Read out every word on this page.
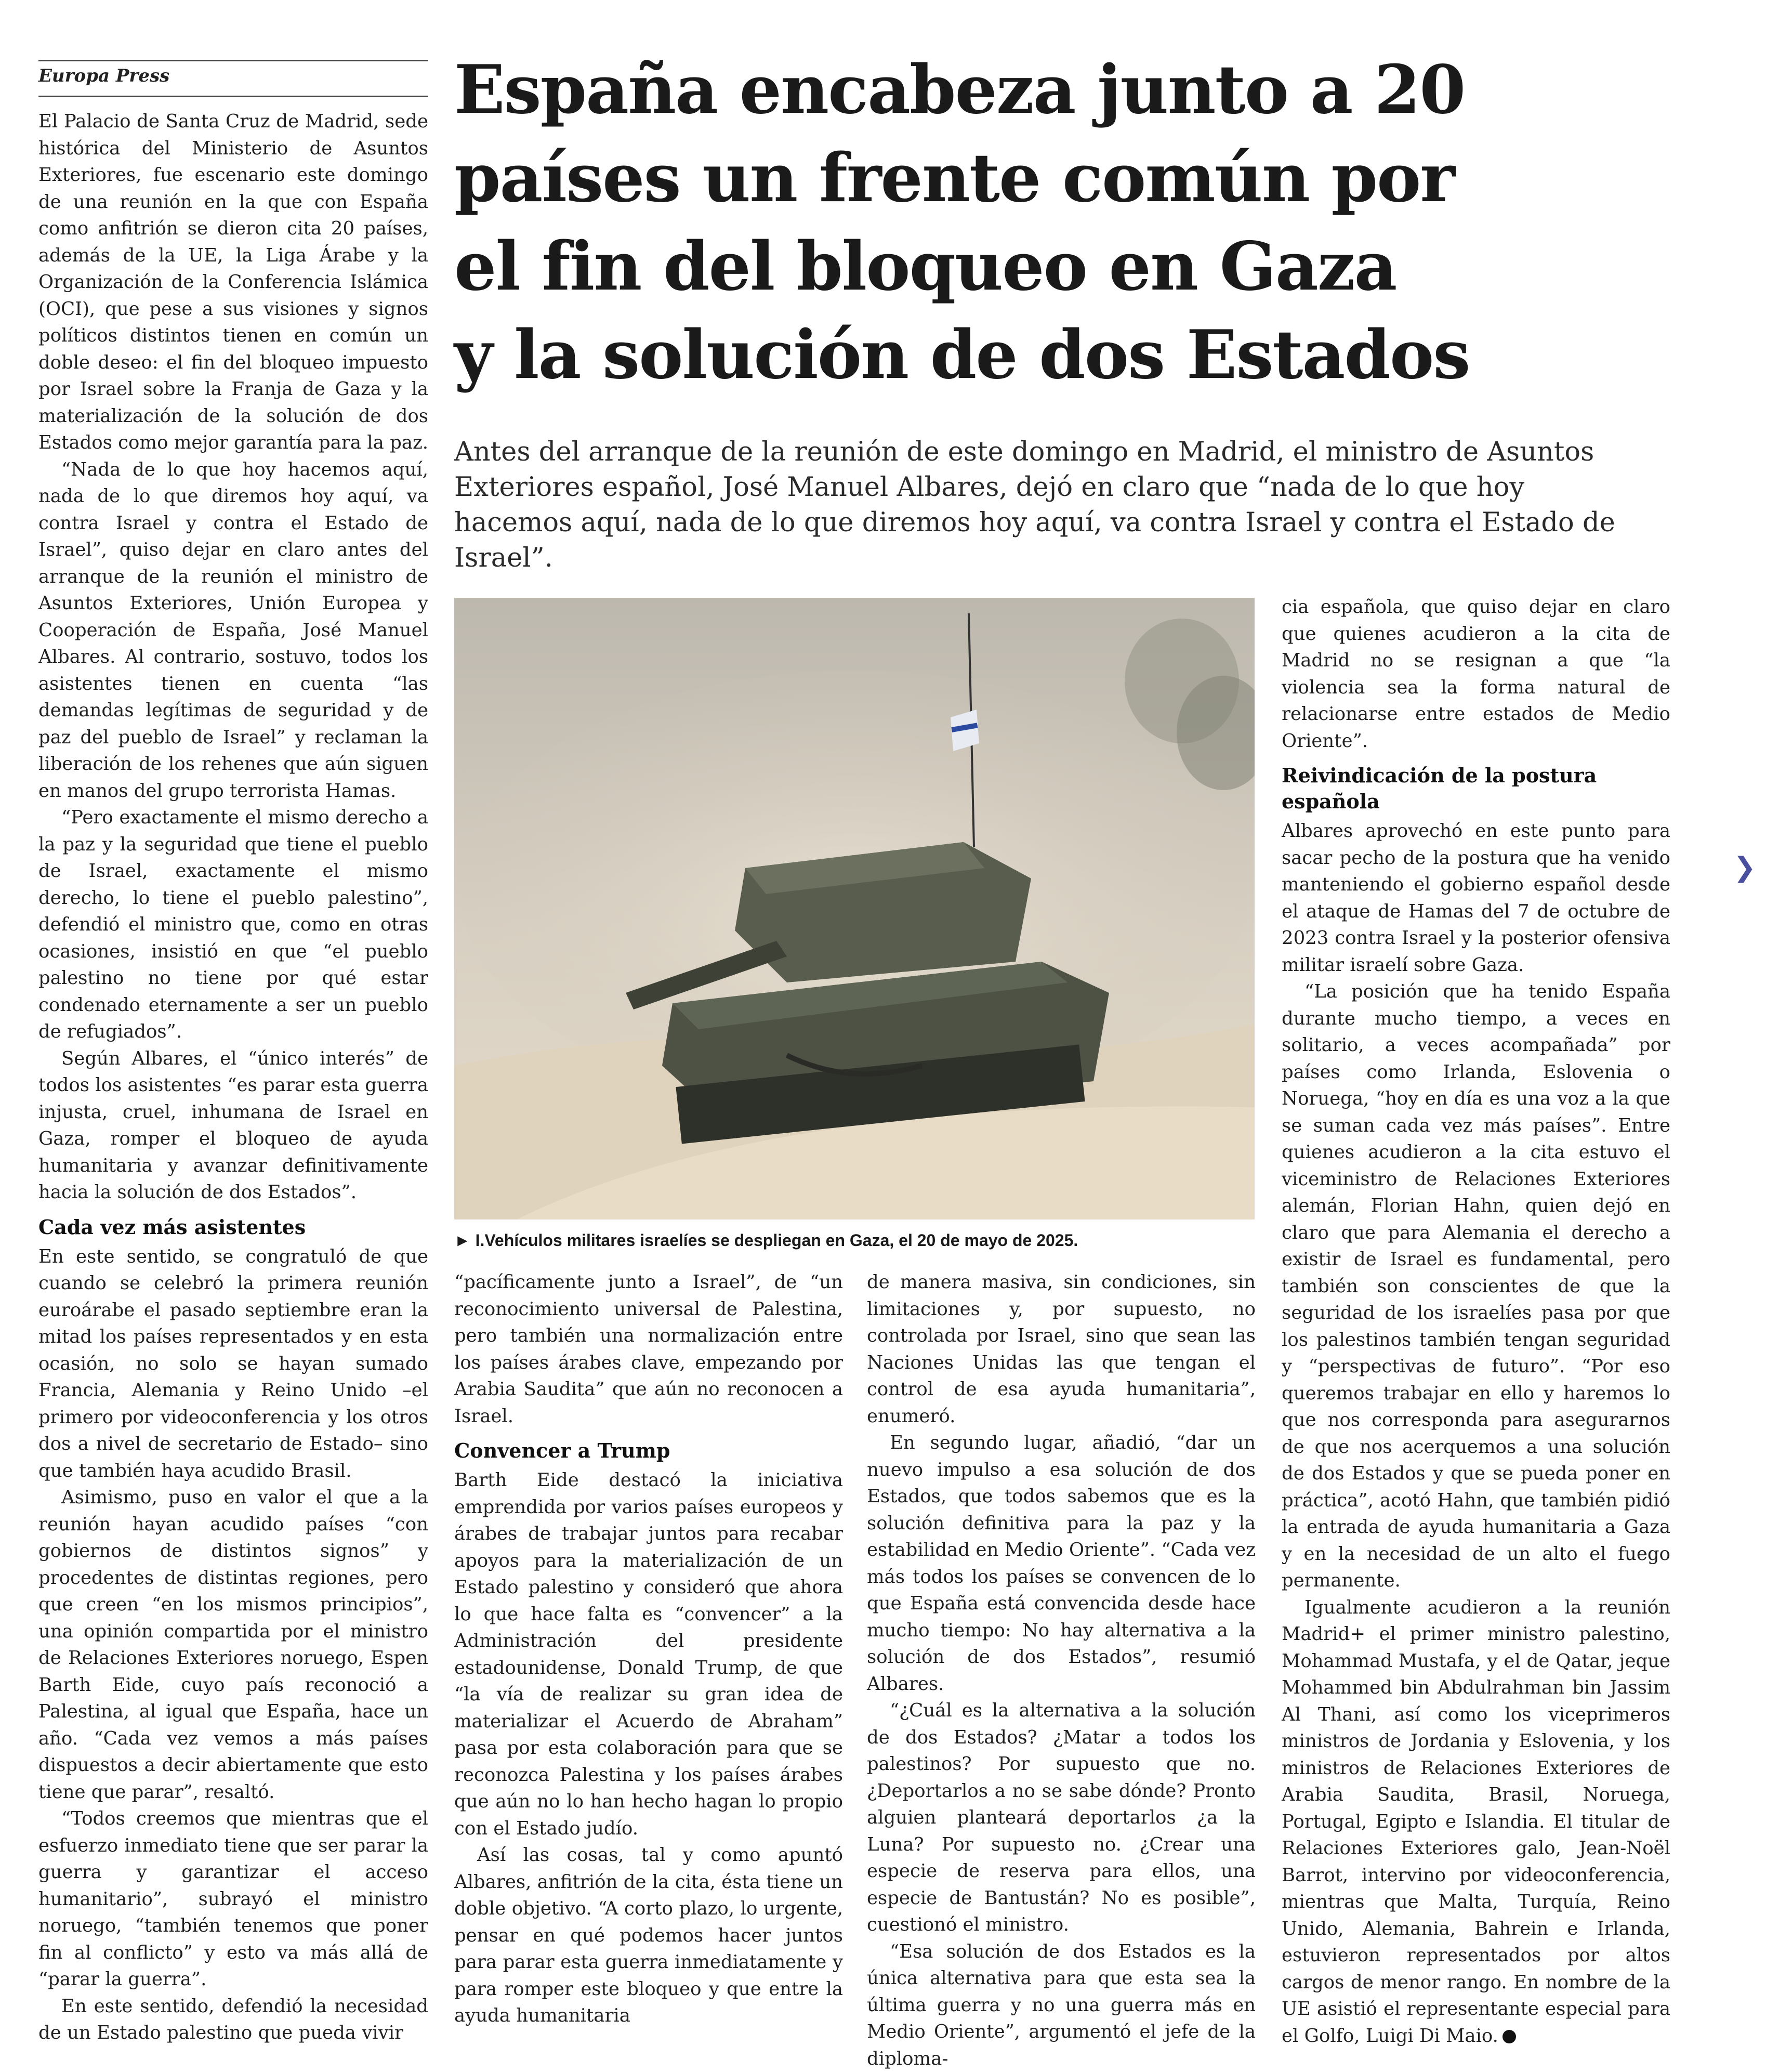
Europa Press	España encabeza junto a 20
países un frente común por
el fin del bloqueo en Gaza
y la solución de dos Estados

Antes del arranque de la reunión de este domingo en Madrid, el ministro de Asuntos Exteriores español, José Manuel Albares, dejó en claro que “nada de lo que hoy hacemos aquí, nada de lo que diremos hoy aquí, va contra Israel y contra el Estado de Israel”.

El Palacio de Santa Cruz de Madrid, sede histórica del Ministerio de Asuntos Exteriores, fue escenario este domingo de una reunión en la que con España como anfitrión se dieron cita 20 países, además de la UE, la Liga Árabe y la Organización de la Conferencia Islámica (OCI), que pese a sus visiones y signos políticos distintos tienen en común un doble deseo: el fin del bloqueo impuesto por Israel sobre la Franja de Gaza y la materialización de la solución de dos Estados como mejor garantía para la paz.

“Nada de lo que hoy hacemos aquí, nada de lo que diremos hoy aquí, va contra Israel y contra el Estado de Israel”, quiso dejar en claro antes del arranque de la reunión el ministro de Asuntos Exteriores, Unión Europea y Cooperación de España, José Manuel Albares. Al contrario, sostuvo, todos los asistentes tienen en cuenta “las demandas legítimas de seguridad y de paz del pueblo de Israel” y reclaman la liberación de los rehenes que aún siguen en manos del grupo terrorista Hamas.

“Pero exactamente el mismo derecho a la paz y la seguridad que tiene el pueblo de Israel, exactamente el mismo derecho, lo tiene el pueblo palestino”, defendió el ministro que, como en otras ocasiones, insistió en que “el pueblo palestino no tiene por qué estar condenado eternamente a ser un pueblo de refugiados”.

Según Albares, el “único interés” de todos los asistentes “es parar esta guerra injusta, cruel, inhumana de Israel en Gaza, romper el bloqueo de ayuda humanitaria y avanzar definitivamente hacia la solución de dos Estados”.

Cada vez más asistentes

En este sentido, se congratuló de que cuando se celebró la primera reunión euroárabe el pasado septiembre eran la mitad los países representados y en esta ocasión, no solo se hayan sumado Francia, Alemania y Reino Unido –el primero por videoconferencia y los otros dos a nivel de secretario de Estado– sino que también haya acudido Brasil.

Asimismo, puso en valor el que a la reunión hayan acudido países “con gobiernos de distintos signos” y procedentes de distintas regiones, pero que creen “en los mismos principios”, una opinión compartida por el ministro de Relaciones Exteriores noruego, Espen Barth Eide, cuyo país reconoció a Palestina, al igual que España, hace un año. “Cada vez vemos a más países dispuestos a decir abiertamente que esto tiene que parar”, resaltó.

“Todos creemos que mientras que el esfuerzo inmediato tiene que ser parar la guerra y garantizar el acceso humanitario”, subrayó el ministro noruego, “también tenemos que poner fin al conflicto” y esto va más allá de “parar la guerra”.

En este sentido, defendió la necesidad de un Estado palestino que pueda vivir

► I.Vehículos militares israelíes se despliegan en Gaza, el 20 de mayo de 2025.

“pacíficamente junto a Israel”, de “un reconocimiento universal de Palestina, pero también una normalización entre los países árabes clave, empezando por Arabia Saudita” que aún no reconocen a Israel.

Convencer a Trump

Barth Eide destacó la iniciativa emprendida por varios países europeos y árabes de trabajar juntos para recabar apoyos para la materialización de un Estado palestino y consideró que ahora lo que hace falta es “convencer” a la Administración del presidente estadounidense, Donald Trump, de que “la vía de realizar su gran idea de materializar el Acuerdo de Abraham” pasa por esta colaboración para que se reconozca Palestina y los países árabes que aún no lo han hecho hagan lo propio con el Estado judío.

Así las cosas, tal y como apuntó Albares, anfitrión de la cita, ésta tiene un doble objetivo. “A corto plazo, lo urgente, pensar en qué podemos hacer juntos para parar esta guerra inmediatamente y para romper este bloqueo y que entre la ayuda humanitaria

de manera masiva, sin condiciones, sin limitaciones y, por supuesto, no controlada por Israel, sino que sean las Naciones Unidas las que tengan el control de esa ayuda humanitaria”, enumeró.

En segundo lugar, añadió, “dar un nuevo impulso a esa solución de dos Estados, que todos sabemos que es la solución definitiva para la paz y la estabilidad en Medio Oriente”. “Cada vez más todos los países se convencen de lo que España está convencida desde hace mucho tiempo: No hay alternativa a la solución de dos Estados”, resumió Albares.

“¿Cuál es la alternativa a la solución de dos Estados? ¿Matar a todos los palestinos? Por supuesto que no. ¿Deportarlos a no se sabe dónde? Pronto alguien planteará deportarlos ¿a la Luna? Por supuesto no. ¿Crear una especie de reserva para ellos, una especie de Bantustán? No es posible”, cuestionó el ministro.

“Esa solución de dos Estados es la única alternativa para que esta sea la última guerra y no una guerra más en Medio Oriente”, argumentó el jefe de la diploma-

cia española, que quiso dejar en claro que quienes acudieron a la cita de Madrid no se resignan a que “la violencia sea la forma natural de relacionarse entre estados de Medio Oriente”.

Reivindicación de la postura española

Albares aprovechó en este punto para sacar pecho de la postura que ha venido manteniendo el gobierno español desde el ataque de Hamas del 7 de octubre de 2023 contra Israel y la posterior ofensiva militar israelí sobre Gaza.

“La posición que ha tenido España durante mucho tiempo, a veces en solitario, a veces acompañada” por países como Irlanda, Eslovenia o Noruega, “hoy en día es una voz a la que se suman cada vez más países”. Entre quienes acudieron a la cita estuvo el viceministro de Relaciones Exteriores alemán, Florian Hahn, quien dejó en claro que para Alemania el derecho a existir de Israel es fundamental, pero también son conscientes de que la seguridad de los israelíes pasa por que los palestinos también tengan seguridad y “perspectivas de futuro”. “Por eso queremos trabajar en ello y haremos lo que nos corresponda para asegurarnos de que nos acerquemos a una solución de dos Estados y que se pueda poner en práctica”, acotó Hahn, que también pidió la entrada de ayuda humanitaria a Gaza y en la necesidad de un alto el fuego permanente.

Igualmente acudieron a la reunión Madrid+ el primer ministro palestino, Mohammad Mustafa, y el de Qatar, jeque Mohammed bin Abdulrahman bin Jassim Al Thani, así como los viceprimeros ministros de Jordania y Eslovenia, y los ministros de Relaciones Exteriores de Arabia Saudita, Brasil, Noruega, Portugal, Egipto e Islandia. El titular de Relaciones Exteriores galo, Jean-Noël Barrot, intervino por videoconferencia, mientras que Malta, Turquía, Reino Unido, Alemania, Bahrein e Irlanda, estuvieron representados por altos cargos de menor rango. En nombre de la UE asistió el representante especial para el Golfo, Luigi Di Maio.

❯
